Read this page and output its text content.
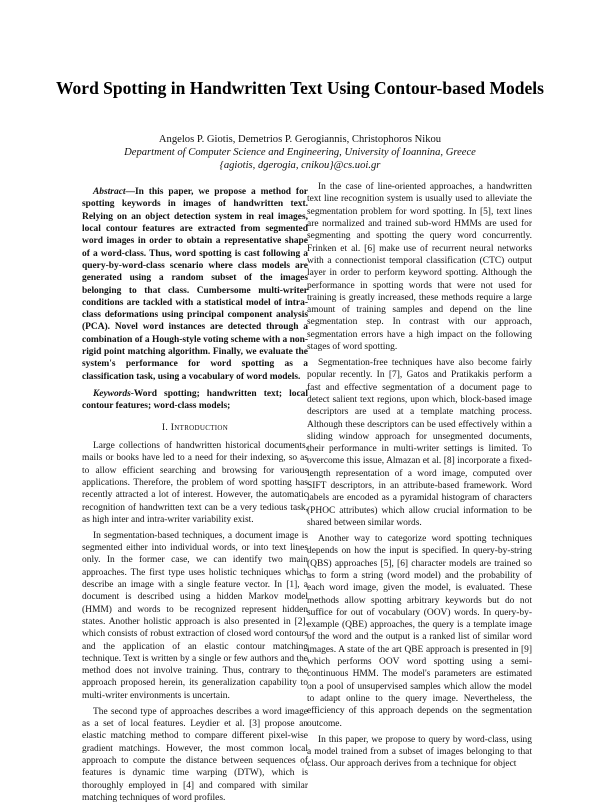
Word Spotting in Handwritten Text Using Contour-based Models
Angelos P. Giotis, Demetrios P. Gerogiannis, Christophoros Nikou
Department of Computer Science and Engineering, University of Ioannina, Greece
{agiotis, dgerogia, cnikou}@cs.uoi.gr

Abstract—In this paper, we propose a method for spotting keywords in images of handwritten text. Relying on an object detection system in real images, local contour features are extracted from segmented word images in order to obtain a representative shape of a word-class. Thus, word spotting is cast following a query-by-word-class scenario where class models are generated using a random subset of the images belonging to that class. Cumbersome multi-writer conditions are tackled with a statistical model of intra-class deformations using principal component analysis (PCA). Novel word instances are detected through a combination of a Hough-style voting scheme with a non-rigid point matching algorithm. Finally, we evaluate the system's performance for word spotting as a classification task, using a vocabulary of word models.

Keywords-Word spotting; handwritten text; local contour features; word-class models;

I. Introduction

Large collections of handwritten historical documents, mails or books have led to a need for their indexing, so as to allow efficient searching and browsing for various applications. Therefore, the problem of word spotting has recently attracted a lot of interest. However, the automatic recognition of handwritten text can be a very tedious task, as high inter and intra-writer variability exist.

In segmentation-based techniques, a document image is segmented either into individual words, or into text lines only. In the former case, we can identify two main approaches. The first type uses holistic techniques which describe an image with a single feature vector. In [1], a document is described using a hidden Markov model (HMM) and words to be recognized represent hidden states. Another holistic approach is also presented in [2], which consists of robust extraction of closed word contours and the application of an elastic contour matching technique. Text is written by a single or few authors and the method does not involve training. Thus, contrary to the approach proposed herein, its generalization capability to multi-writer environments is uncertain.

The second type of approaches describes a word image as a set of local features. Leydier et al. [3] propose an elastic matching method to compare different pixel-wise gradient matchings. However, the most common local approach to compute the distance between sequences of features is dynamic time warping (DTW), which is thoroughly employed in [4] and compared with similar matching techniques of word profiles.

In the case of line-oriented approaches, a handwritten text line recognition system is usually used to alleviate the segmentation problem for word spotting. In [5], text lines are normalized and trained sub-word HMMs are used for segmenting and spotting the query word concurrently. Frinken et al. [6] make use of recurrent neural networks with a connectionist temporal classification (CTC) output layer in order to perform keyword spotting. Although the performance in spotting words that were not used for training is greatly increased, these methods require a large amount of training samples and depend on the line segmentation step. In contrast with our approach, segmentation errors have a high impact on the following stages of word spotting.

Segmentation-free techniques have also become fairly popular recently. In [7], Gatos and Pratikakis perform a fast and effective segmentation of a document page to detect salient text regions, upon which, block-based image descriptors are used at a template matching process. Although these descriptors can be used effectively within a sliding window approach for unsegmented documents, their performance in multi-writer settings is limited. To overcome this issue, Almazan et al. [8] incorporate a fixed-length representation of a word image, computed over SIFT descriptors, in an attribute-based framework. Word labels are encoded as a pyramidal histogram of characters (PHOC attributes) which allow crucial information to be shared between similar words.

Another way to categorize word spotting techniques depends on how the input is specified. In query-by-string (QBS) approaches [5], [6] character models are trained so as to form a string (word model) and the probability of each word image, given the model, is evaluated. These methods allow spotting arbitrary keywords but do not suffice for out of vocabulary (OOV) words. In query-by-example (QBE) approaches, the query is a template image of the word and the output is a ranked list of similar word images. A state of the art QBE approach is presented in [9] which performs OOV word spotting using a semi-continuous HMM. The model's parameters are estimated on a pool of unsupervised samples which allow the model to adapt online to the query image. Nevertheless, the efficiency of this approach depends on the segmentation outcome.

In this paper, we propose to query by word-class, using a model trained from a subset of images belonging to that class. Our approach derives from a technique for object
